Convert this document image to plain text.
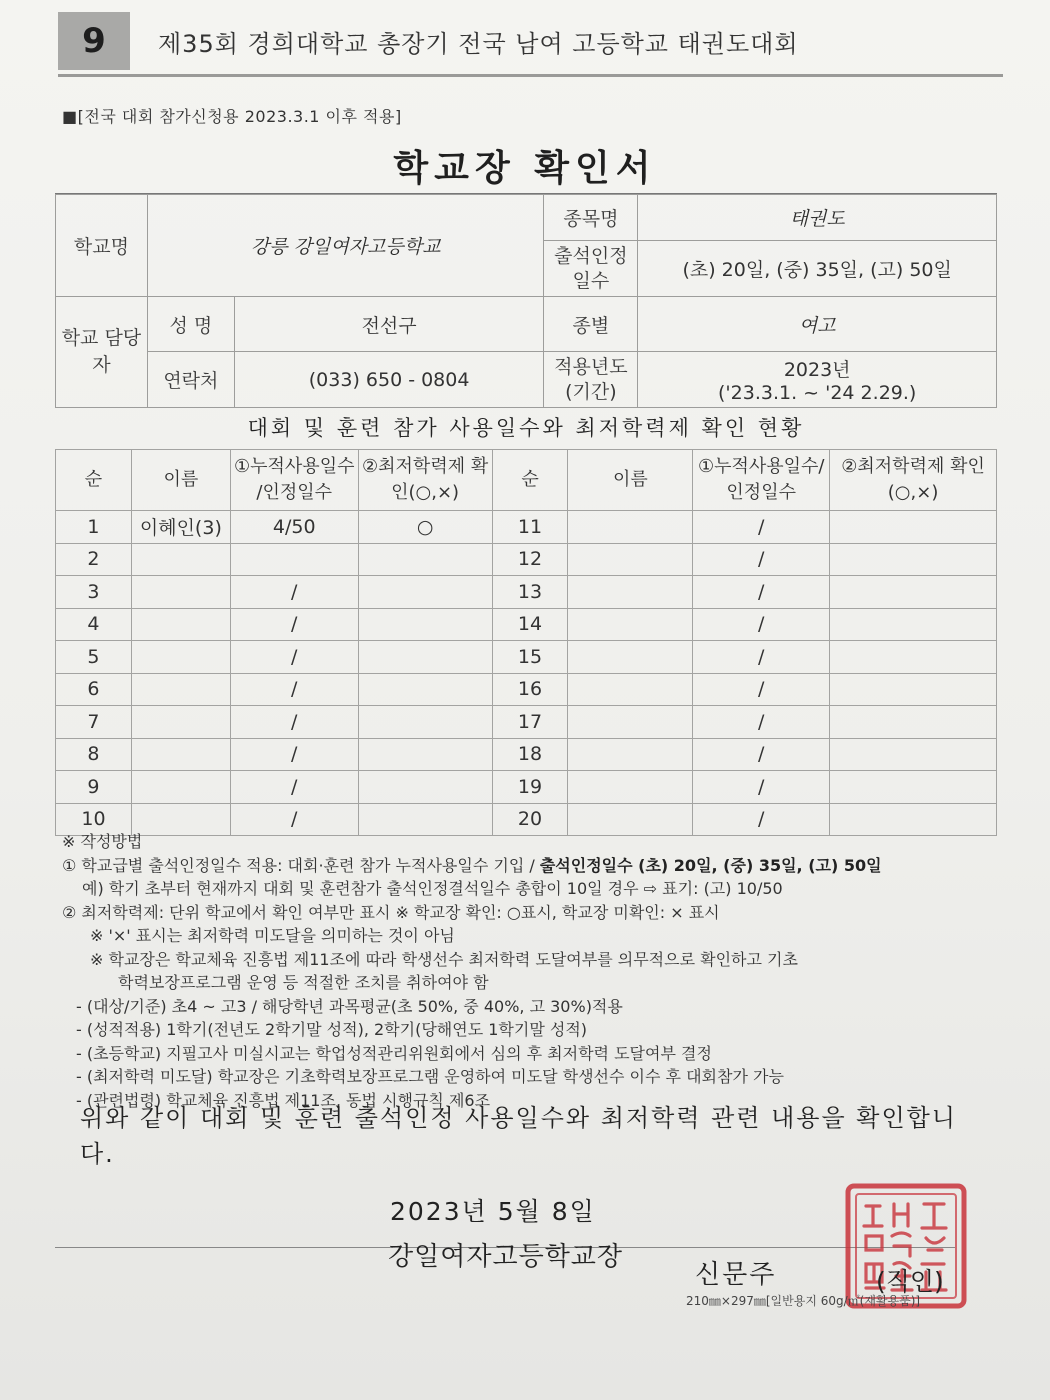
9	제35회 경희대학교 총장기 전국 남여 고등학교 태권도대회
■[전국 대회 참가신청용 2023.3.1 이후 적용]
학교장 확인서
학교명	강릉 강일여자고등학교		종목명	태권도
			출석인정 일수	(초) 20일, (중) 35일, (고) 50일
학교 담당자	성 명	전선구	종별	여고
	연락처	(033) 650 - 0804	적용년도 (기간)	2023년
('23.3.1. ~ '24 2.29.)
대회 및 훈련 참가 사용일수와 최저학력제 확인 현황
순	이름	①누적사용일수 /인정일수	②최저학력제 확인(○,×)	순	이름	①누적사용일수/ 인정일수	②최저학력제 확인(○,×)
1	이혜인(3)	4/50	○	11		/	
2				12		/	
3		/		13		/	
4		/		14		/	
5		/		15		/	
6		/		16		/	
7		/		17		/	
8		/		18		/	
9		/		19		/	
10		/		20		/	
※ 작성방법
① 학교급별 출석인정일수 적용: 대회·훈련 참가 누적사용일수 기입 / 출석인정일수 (초) 20일, (중) 35일, (고) 50일
예) 학기 초부터 현재까지 대회 및 훈련참가 출석인정결석일수 총합이 10일 경우 ⇨ 표기: (고) 10/50
② 최저학력제: 단위 학교에서 확인 여부만 표시 ※ 학교장 확인: ○표시, 학교장 미확인: × 표시
※ '×' 표시는 최저학력 미도달을 의미하는 것이 아님
※ 학교장은 학교체육 진흥법 제11조에 따라 학생선수 최저학력 도달여부를 의무적으로 확인하고 기초
학력보장프로그램 운영 등 적절한 조치를 취하여야 함
- (대상/기준) 초4 ~ 고3 / 해당학년 과목평균(초 50%, 중 40%, 고 30%)적용
- (성적적용) 1학기(전년도 2학기말 성적), 2학기(당해연도 1학기말 성적)
- (초등학교) 지필고사 미실시교는 학업성적관리위원회에서 심의 후 최저학력 도달여부 결정
- (최저학력 미도달) 학교장은 기초학력보장프로그램 운영하여 미도달 학생선수 이수 후 대회참가 가능
- (관련법령) 학교체육 진흥법 제11조, 동법 시행규칙 제6조
위와 같이 대회 및 훈련 출석인정 사용일수와 최저학력 관련 내용을 확인합니다.
2023년 5월 8일
강일여자고등학교장
신문주	(직인)
210㎜×297㎜[일반용지 60g/㎡(재활용품)]
